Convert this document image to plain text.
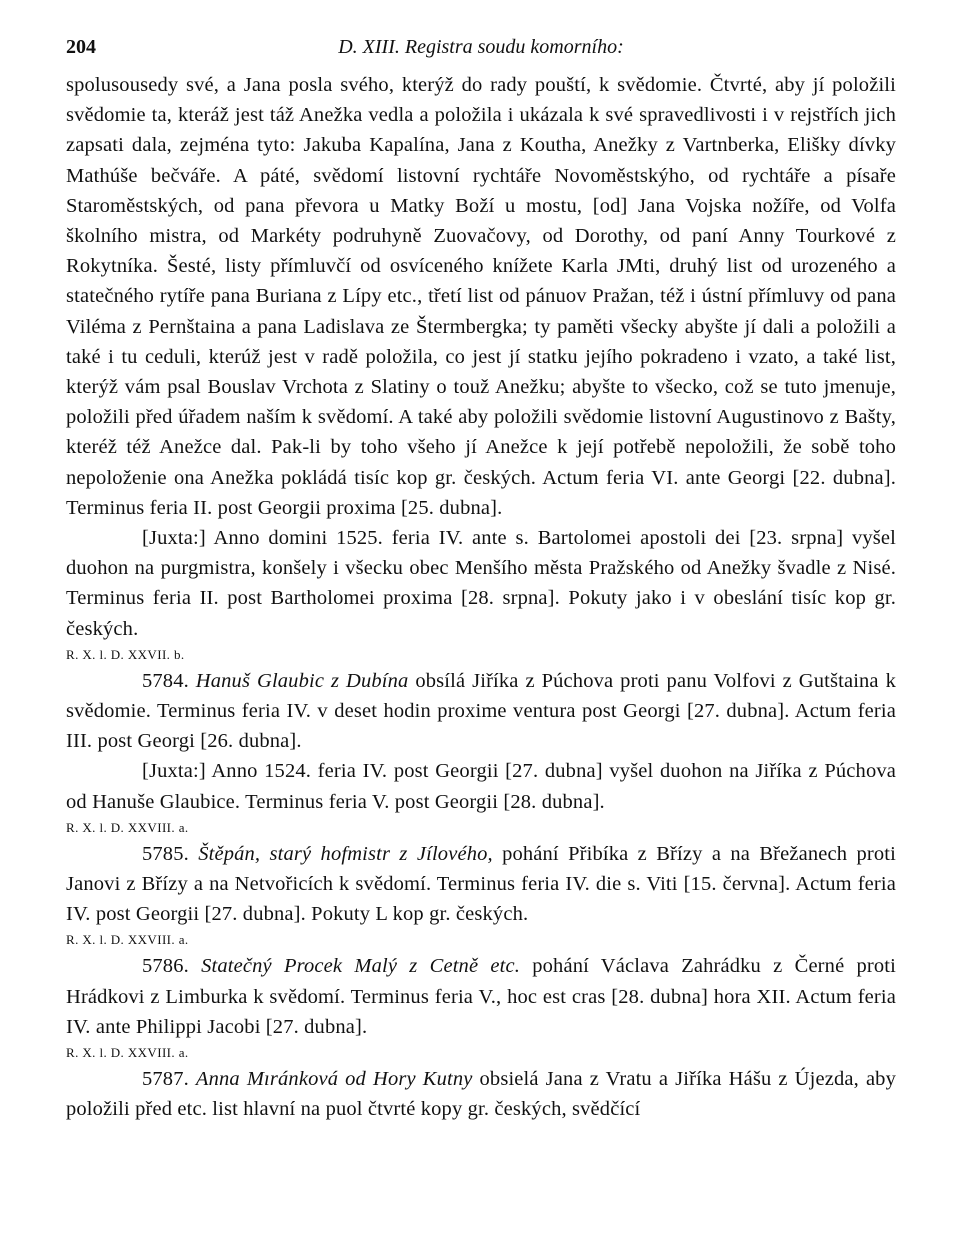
204	D. XIII. Registra soudu komorního:

spolusousedy své, a Jana posla svého, kterýž do rady pouští, k svědomie. Čtvrté, aby jí položili svědomie ta, kteráž jest táž Anežka vedla a položila i ukázala k své spravedlivosti i v rejstřích jich zapsati dala, zejména tyto: Jakuba Kapalína, Jana z Koutha, Anežky z Vartnberka, Elišky dívky Mathúše bečváře. A páté, svědomí listovní rychtáře Novoměstskýho, od rychtáře a písaře Staroměstských, od pana převora u Matky Boží u mostu, [od] Jana Vojska nožíře, od Volfa školního mistra, od Markéty podruhyně Zuovačovy, od Dorothy, od paní Anny Tourkové z Rokytníka. Šesté, listy přímluvčí od osvíceného knížete Karla JMti, druhý list od urozeného a statečného rytíře pana Buriana z Lípy etc., třetí list od pánuov Pražan, též i ústní přímluvy od pana Viléma z Pernštaina a pana Ladislava ze Štermbergka; ty paměti všecky abyšte jí dali a položili a také i tu ceduli, kterúž jest v radě položila, co jest jí statku jejího pokradeno i vzato, a také list, kterýž vám psal Bouslav Vrchota z Slatiny o touž Anežku; abyšte to všecko, což se tuto jmenuje, položili před úřadem naším k svědomí. A také aby položili svědomie listovní Augustinovo z Bašty, kteréž též Anežce dal. Pak-li by toho všeho jí Anežce k její potřebě nepoložili, že sobě toho nepoloženie ona Anežka pokládá tisíc kop gr. českých. Actum feria VI. ante Georgi [22. dubna]. Terminus feria II. post Georgii proxima [25. dubna].

[Juxta:] Anno domini 1525. feria IV. ante s. Bartolomei apostoli dei [23. srpna] vyšel duohon na purgmistra, konšely i všecku obec Menšího města Pražského od Anežky švadle z Nisé. Terminus feria II. post Bartholomei proxima [28. srpna]. Pokuty jako i v obeslání tisíc kop gr. českých.

R. X. l. D. XXVII. b.

5784. Hanuš Glaubic z Dubína obsílá Jiříka z Púchova proti panu Volfovi z Gutštaina k svědomie. Terminus feria IV. v deset hodin proxime ventura post Georgi [27. dubna]. Actum feria III. post Georgi [26. dubna].

[Juxta:] Anno 1524. feria IV. post Georgii [27. dubna] vyšel duohon na Jiříka z Púchova od Hanuše Glaubice. Terminus feria V. post Georgii [28. dubna].

R. X. l. D. XXVIII. a.

5785. Štěpán, starý hofmistr z Jílového, pohání Přibíka z Břízy a na Břežanech proti Janovi z Břízy a na Netvořicích k svědomí. Terminus feria IV. die s. Viti [15. června]. Actum feria IV. post Georgii [27. dubna]. Pokuty L kop gr. českých.

R. X. l. D. XXVIII. a.

5786. Statečný Procek Malý z Cetně etc. pohání Václava Zahrádku z Černé proti Hrádkovi z Limburka k svědomí. Terminus feria V., hoc est cras [28. dubna] hora XII. Actum feria IV. ante Philippi Jacobi [27. dubna].

R. X. l. D. XXVIII. a.

5787. Anna Mıránková od Hory Kutny obsielá Jana z Vratu a Jiříka Hášu z Újezda, aby položili před etc. list hlavní na puol čtvrté kopy gr. českých, svědčící
